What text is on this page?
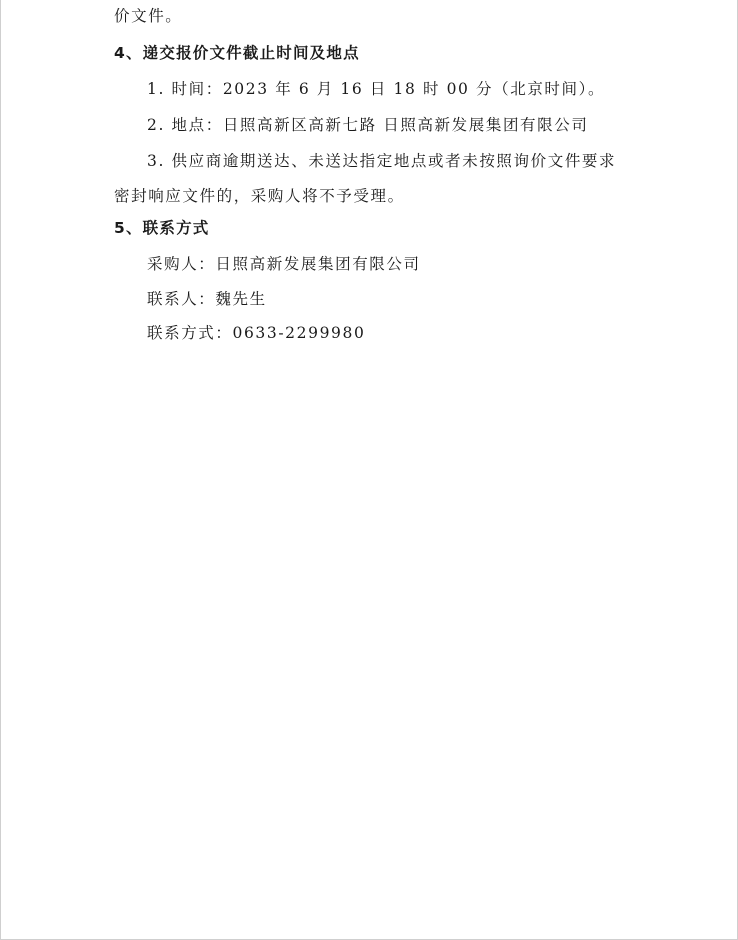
价文件。
4、递交报价文件截止时间及地点
1. 时间：2023 年 6 月 16 日 18 时 00 分（北京时间）。
2. 地点：日照高新区高新七路 日照高新发展集团有限公司
3. 供应商逾期送达、未送达指定地点或者未按照询价文件要求
密封响应文件的，采购人将不予受理。
5、联系方式
采购人：日照高新发展集团有限公司
联系人：魏先生
联系方式：0633-2299980
